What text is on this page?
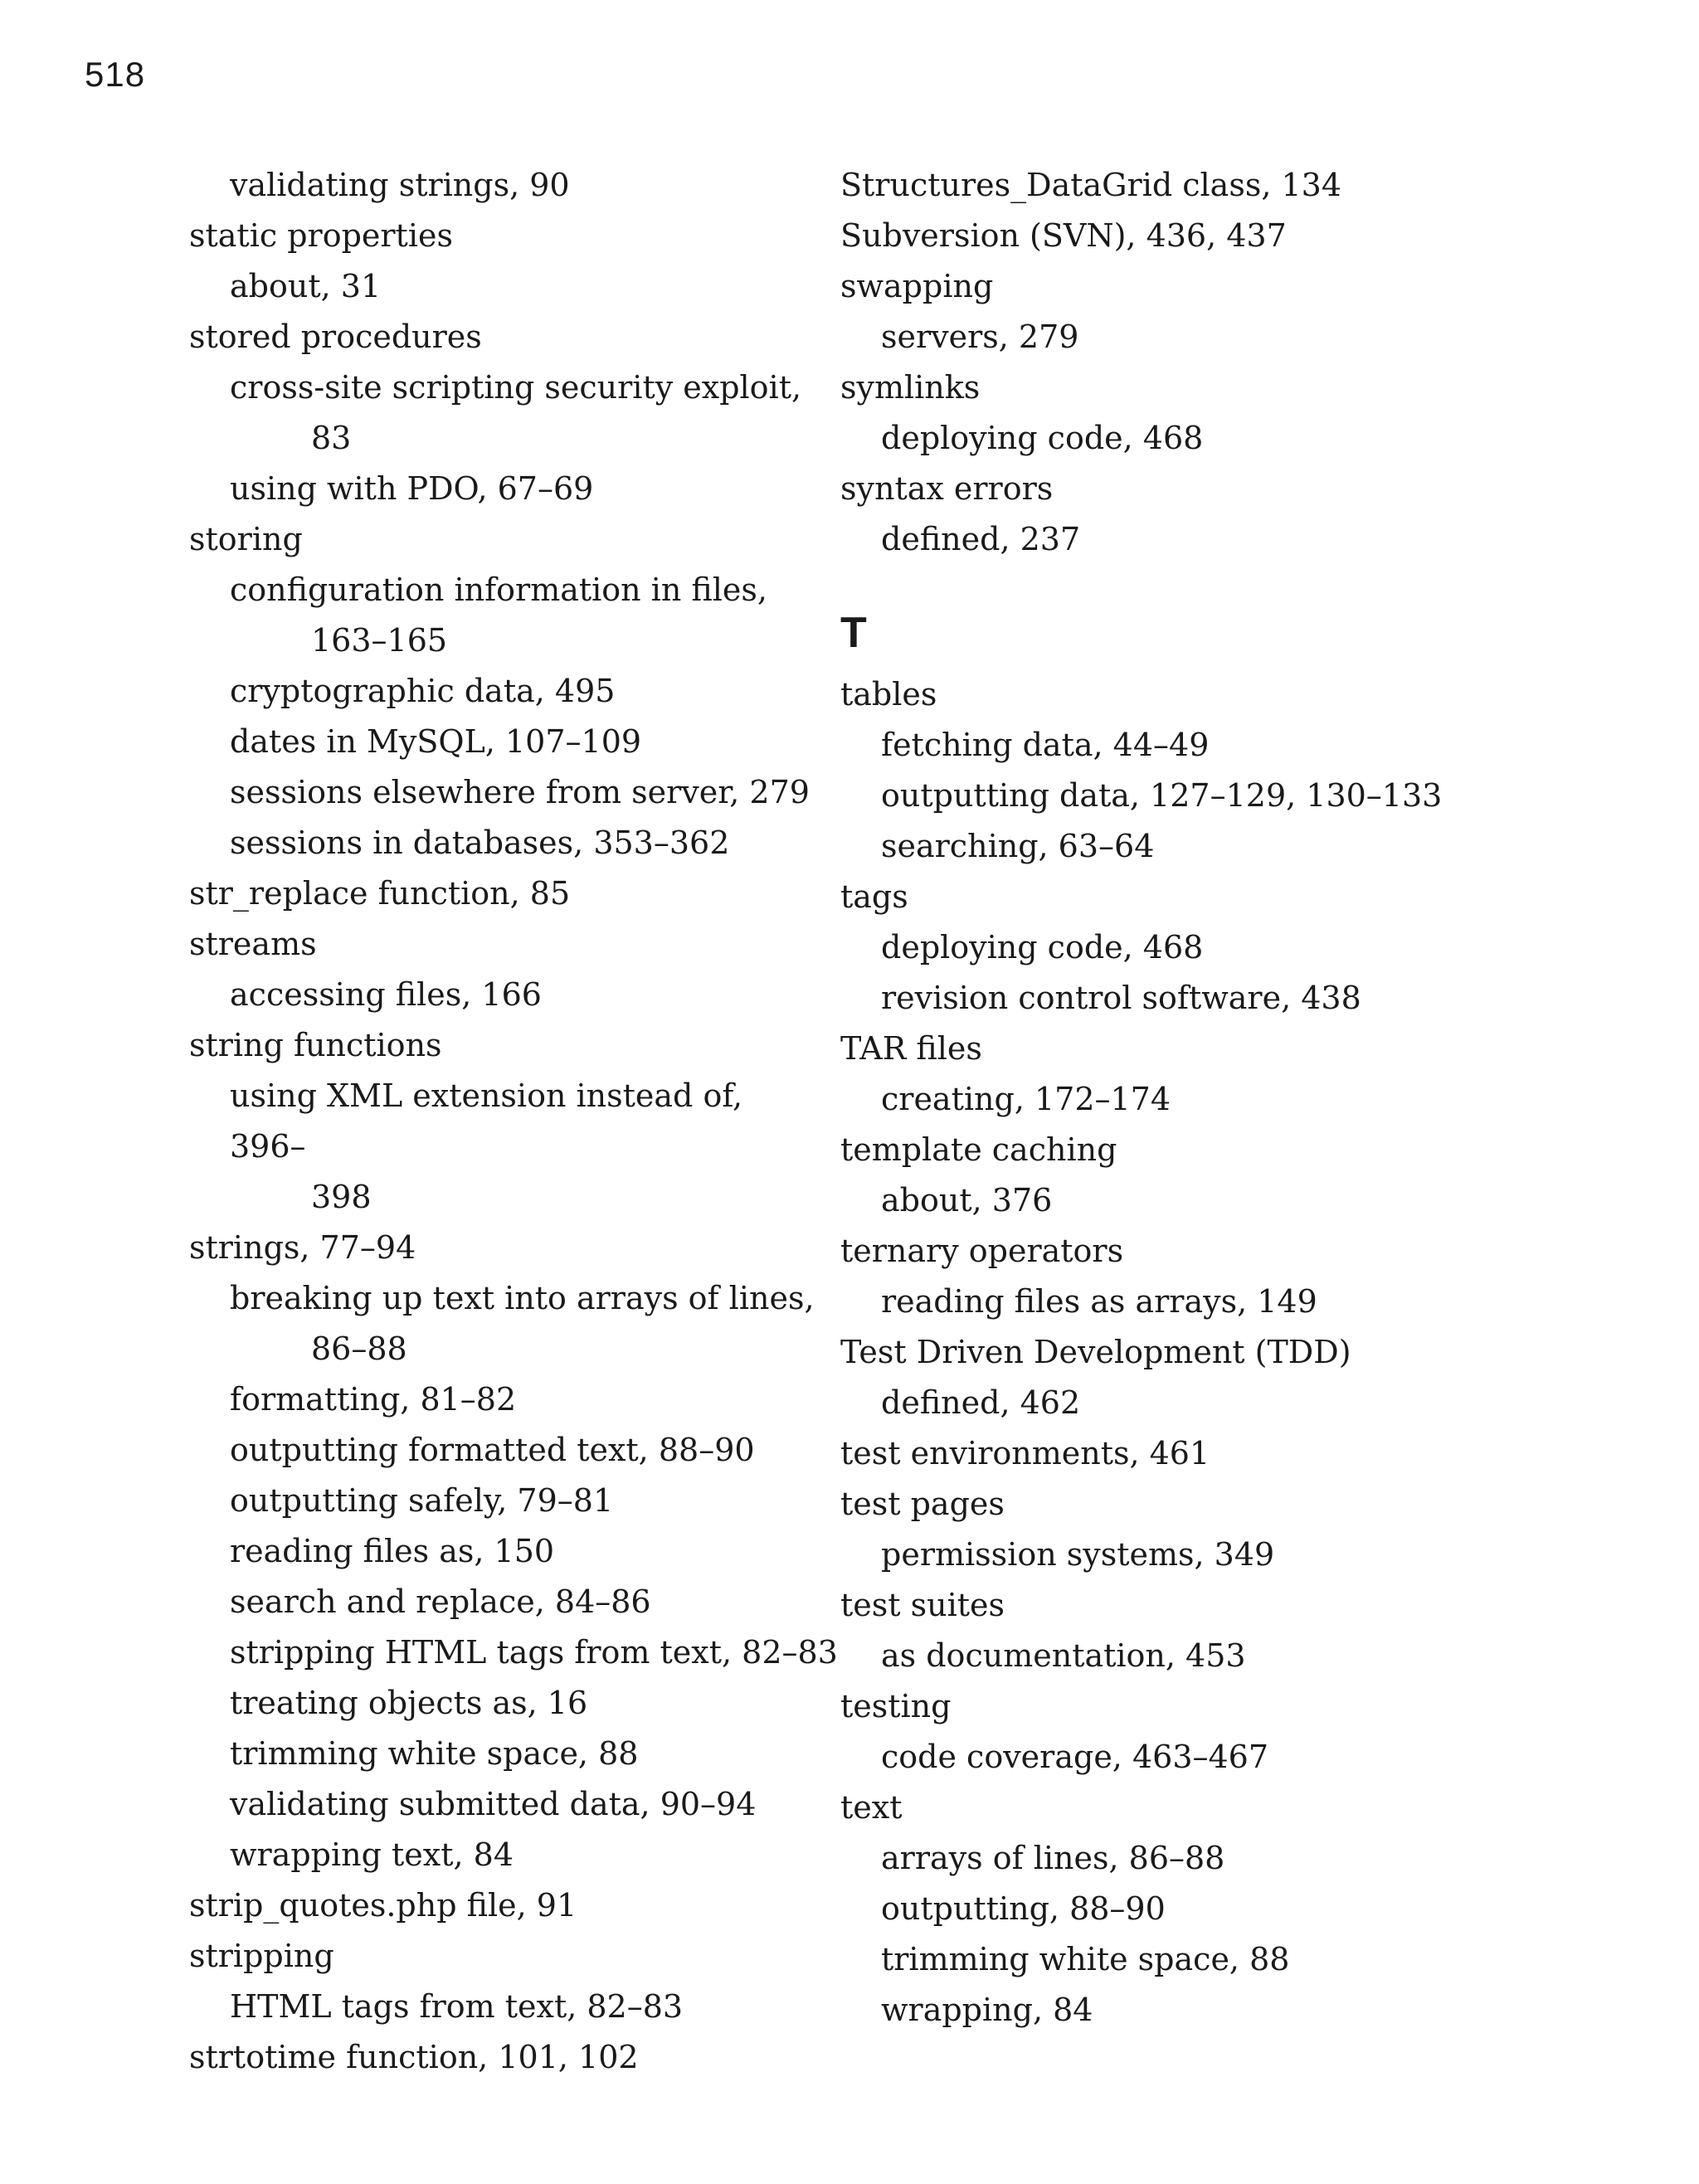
518
validating strings, 90
static properties
about, 31
stored procedures
cross-site scripting security exploit,
83
using with PDO, 67–69
storing
configuration information in files,
163–165
cryptographic data, 495
dates in MySQL, 107–109
sessions elsewhere from server, 279
sessions in databases, 353–362
str_replace function, 85
streams
accessing files, 166
string functions
using XML extension instead of, 396–
398
strings, 77–94
breaking up text into arrays of lines,
86–88
formatting, 81–82
outputting formatted text, 88–90
outputting safely, 79–81
reading files as, 150
search and replace, 84–86
stripping HTML tags from text, 82–83
treating objects as, 16
trimming white space, 88
validating submitted data, 90–94
wrapping text, 84
strip_quotes.php file, 91
stripping
HTML tags from text, 82–83
strtotime function, 101, 102
Structures_DataGrid class, 134
Subversion (SVN), 436, 437
swapping
servers, 279
symlinks
deploying code, 468
syntax errors
defined, 237
T
tables
fetching data, 44–49
outputting data, 127–129, 130–133
searching, 63–64
tags
deploying code, 468
revision control software, 438
TAR files
creating, 172–174
template caching
about, 376
ternary operators
reading files as arrays, 149
Test Driven Development (TDD)
defined, 462
test environments, 461
test pages
permission systems, 349
test suites
as documentation, 453
testing
code coverage, 463–467
text
arrays of lines, 86–88
outputting, 88–90
trimming white space, 88
wrapping, 84
